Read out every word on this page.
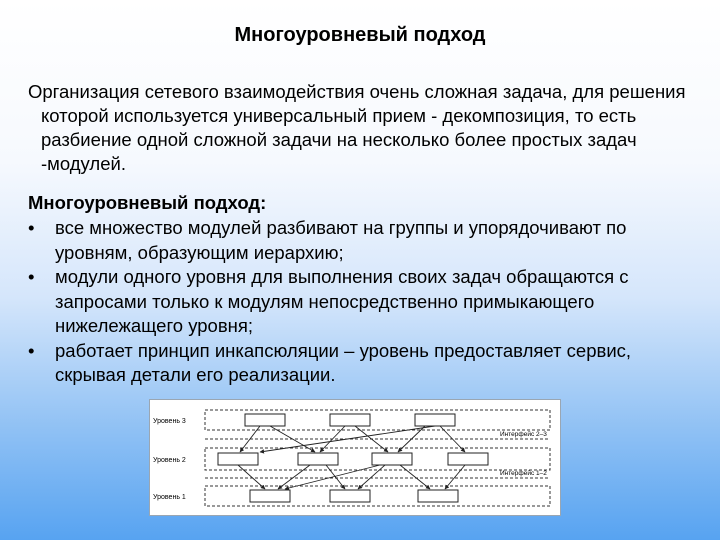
Многоуровневый подход
Организация сетевого взаимодействия очень сложная задача, для решения которой используется универсальный прием - декомпозиция, то есть разбиение одной сложной задачи на несколько более простых задач -модулей.
Многоуровневый подход:
• все множество модулей разбивают на группы и упорядочивают по уровням, образующим иерархию;
• модули одного уровня для выполнения своих задач обращаются с запросами только к модулям непосредственно примыкающего нижележащего уровня;
• работает принцип инкапсюляции – уровень предоставляет сервис, скрывая детали его реализации.
Уровень 3
Уровень 2
Уровень 1
Интерфейс 2–3
Интерфейс 1–2
